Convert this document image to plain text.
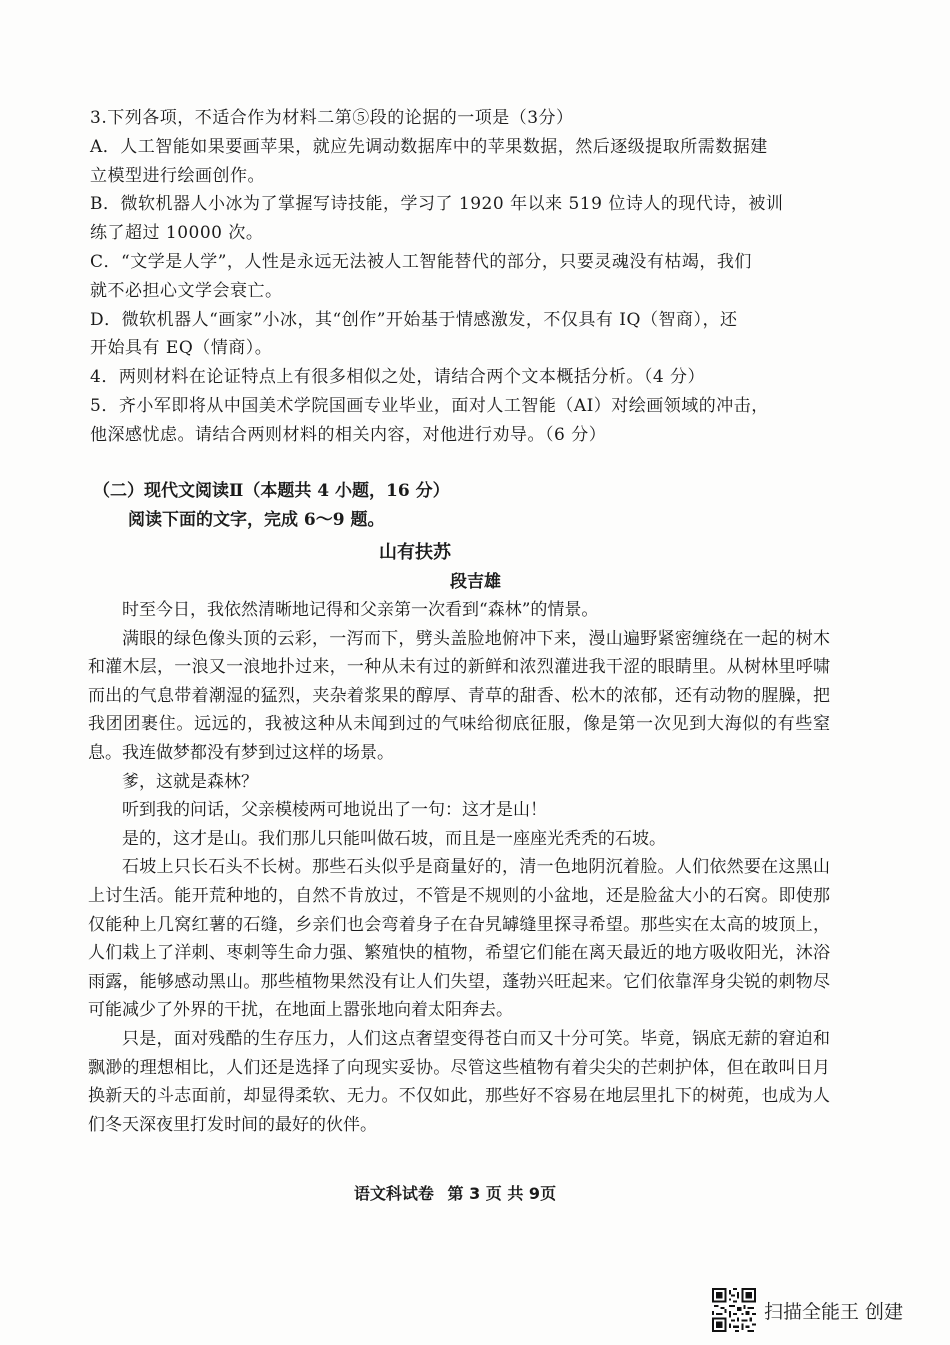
3.下列各项，不适合作为材料二第⑤段的论据的一项是（3分）

A．人工智能如果要画苹果，就应先调动数据库中的苹果数据，然后逐级提取所需数据建

立模型进行绘画创作。

B．微软机器人小冰为了掌握写诗技能，学习了 1920 年以来 519 位诗人的现代诗，被训

练了超过 10000 次。

C．“文学是人学”，人性是永远无法被人工智能替代的部分，只要灵魂没有枯竭，我们

就不必担心文学会衰亡。

D．微软机器人“画家”小冰，其“创作”开始基于情感激发，不仅具有 IQ（智商），还

开始具有 EQ（情商）。

4．两则材料在论证特点上有很多相似之处，请结合两个文本概括分析。（4 分）

5．齐小军即将从中国美术学院国画专业毕业，面对人工智能（AI）对绘画领域的冲击，

他深感忧虑。请结合两则材料的相关内容，对他进行劝导。（6 分）

（二）现代文阅读Ⅱ（本题共 4 小题，16 分）
阅读下面的文字，完成 6～9 题。
山有扶苏
段吉雄

时至今日，我依然清晰地记得和父亲第一次看到“森林”的情景。

满眼的绿色像头顶的云彩，一泻而下，劈头盖脸地俯冲下来，漫山遍野紧密缠绕在一起的树木和灌木层，一浪又一浪地扑过来，一种从未有过的新鲜和浓烈灌进我干涩的眼睛里。从树林里呼啸而出的气息带着潮湿的猛烈，夹杂着浆果的醇厚、青草的甜香、松木的浓郁，还有动物的腥臊，把我团团裹住。远远的，我被这种从未闻到过的气味给彻底征服，像是第一次见到大海似的有些窒息。我连做梦都没有梦到过这样的场景。

爹，这就是森林？

听到我的问话，父亲模棱两可地说出了一句：这才是山！

是的，这才是山。我们那儿只能叫做石坡，而且是一座座光秃秃的石坡。

石坡上只长石头不长树。那些石头似乎是商量好的，清一色地阴沉着脸。人们依然要在这黑山上讨生活。能开荒种地的，自然不肯放过，不管是不规则的小盆地，还是脸盆大小的石窝。即使那仅能种上几窝红薯的石缝，乡亲们也会弯着身子在旮旯罅缝里探寻希望。那些实在太高的坡顶上，人们栽上了洋刺、枣刺等生命力强、繁殖快的植物，希望它们能在离天最近的地方吸收阳光，沐浴雨露，能够感动黑山。那些植物果然没有让人们失望，蓬勃兴旺起来。它们依靠浑身尖锐的刺物尽可能减少了外界的干扰，在地面上嚣张地向着太阳奔去。

只是，面对残酷的生存压力，人们这点奢望变得苍白而又十分可笑。毕竟，锅底无薪的窘迫和飘渺的理想相比，人们还是选择了向现实妥协。尽管这些植物有着尖尖的芒刺护体，但在敢叫日月换新天的斗志面前，却显得柔软、无力。不仅如此，那些好不容易在地层里扎下的树蔸，也成为人们冬天深夜里打发时间的最好的伙伴。

语文科试卷 第 3 页 共 9页
扫描全能王 创建
